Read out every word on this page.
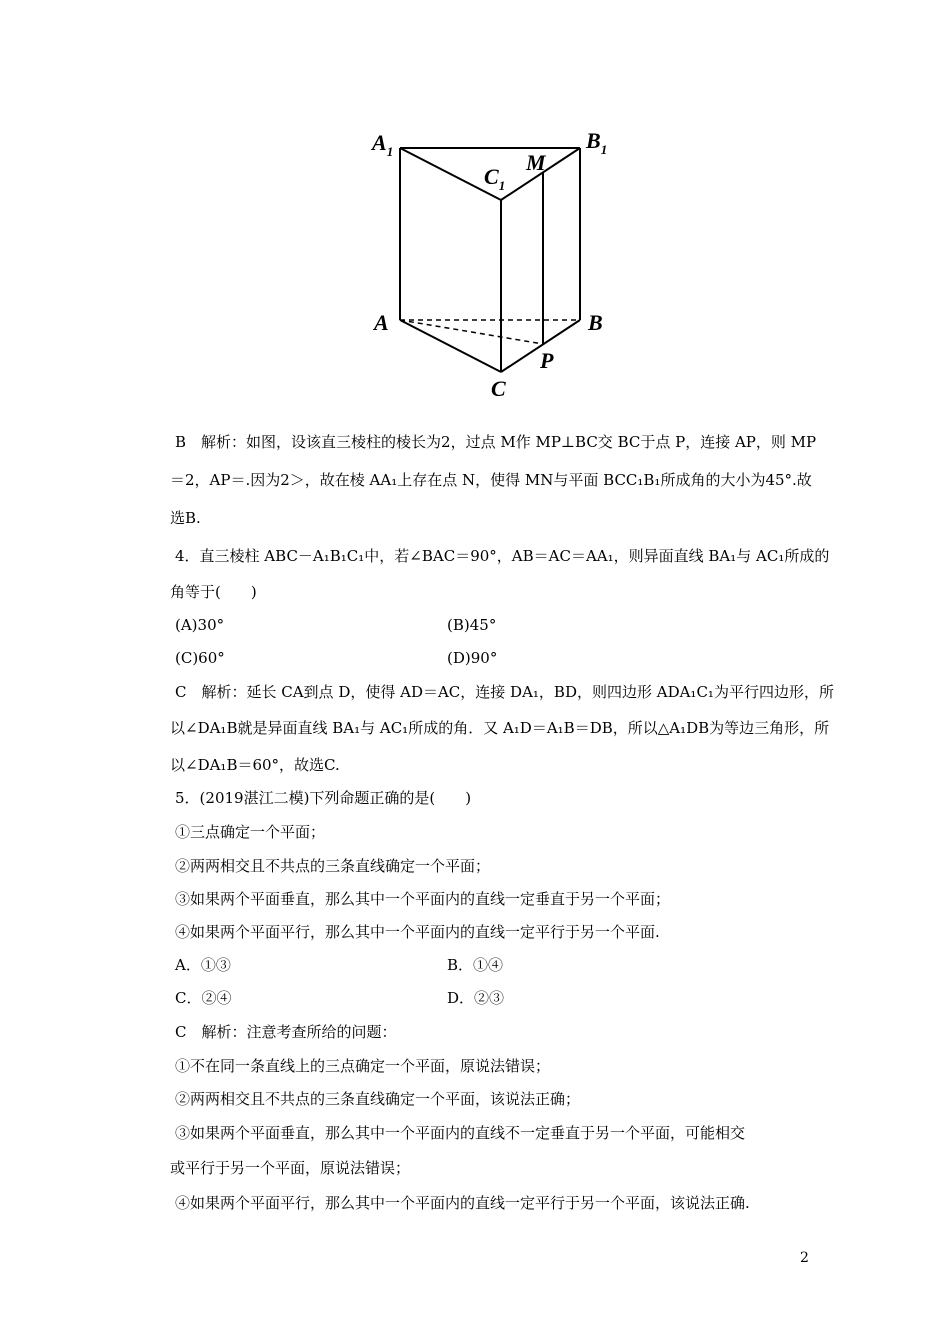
$A_1$	$B_1$
$C_1$
M
A	B
C
P
B　解析：如图，设该直三棱柱的棱长为2，过点 M作 MP⊥BC交 BC于点 P，连接 AP，则 MP
＝2，AP＝.因为2＞，故在棱 AA₁上存在点 N，使得 MN与平面 BCC₁B₁所成角的大小为45°.故
选B.
4．直三棱柱 ABC－A₁B₁C₁中，若∠BAC＝90°，AB＝AC＝AA₁，则异面直线 BA₁与 AC₁所成的
角等于(　　)
(A)30°	(B)45°
(C)60°	(D)90°
C　解析：延长 CA到点 D，使得 AD＝AC，连接 DA₁，BD，则四边形 ADA₁C₁为平行四边形，所
以∠DA₁B就是异面直线 BA₁与 AC₁所成的角．又 A₁D＝A₁B＝DB，所以△A₁DB为等边三角形，所
以∠DA₁B＝60°，故选C.
5．(2019湛江二模)下列命题正确的是(　　)
①三点确定一个平面；
②两两相交且不共点的三条直线确定一个平面；
③如果两个平面垂直，那么其中一个平面内的直线一定垂直于另一个平面；
④如果两个平面平行，那么其中一个平面内的直线一定平行于另一个平面.
A．①③	B．①④
C．②④	D．②③
C　解析：注意考查所给的问题：
①不在同一条直线上的三点确定一个平面，原说法错误；
②两两相交且不共点的三条直线确定一个平面，该说法正确；
③如果两个平面垂直，那么其中一个平面内的直线不一定垂直于另一个平面，可能相交
或平行于另一个平面，原说法错误；
④如果两个平面平行，那么其中一个平面内的直线一定平行于另一个平面，该说法正确.
2
